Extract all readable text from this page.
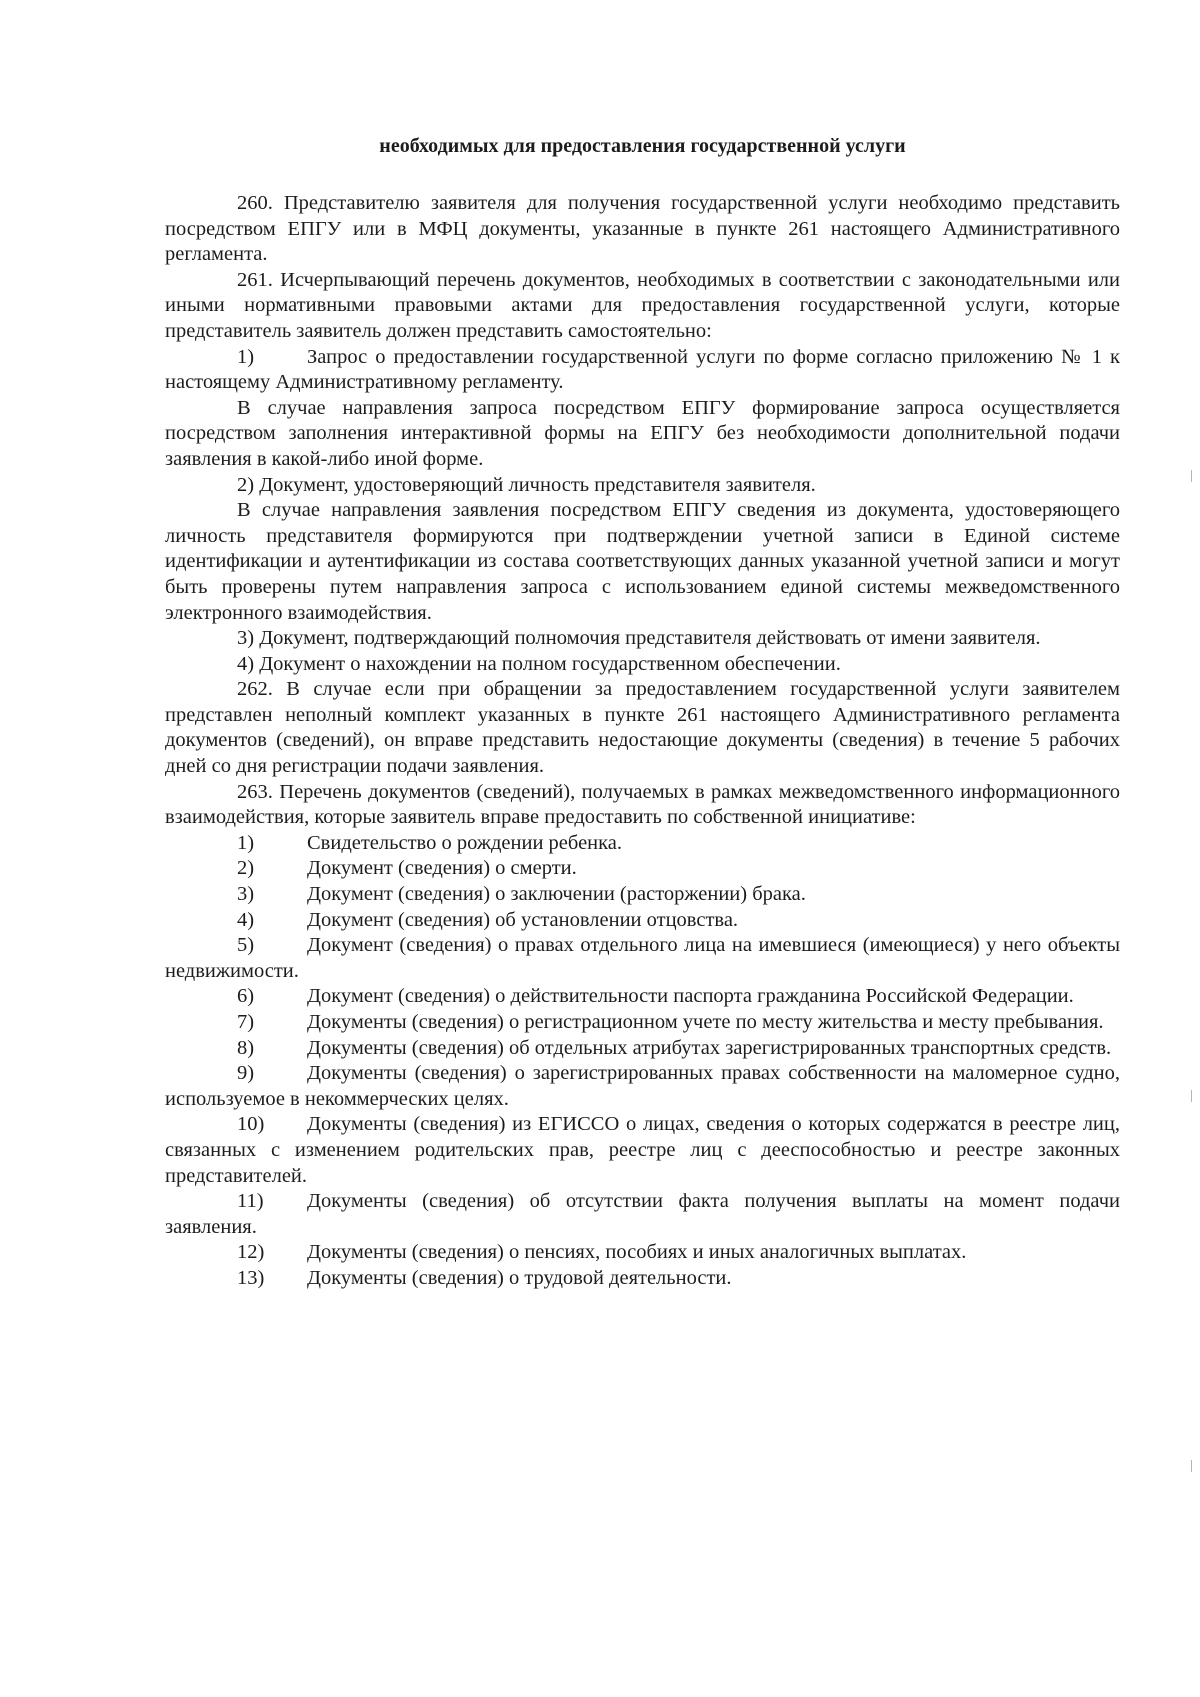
необходимых для предоставления государственной услуги

260. Представителю заявителя для получения государственной услуги необходимо представить посредством ЕПГУ или в МФЦ документы, указанные в пункте 261 настоящего Административного регламента.

261. Исчерпывающий перечень документов, необходимых в соответствии с законодательными или иными нормативными правовыми актами для предоставления государственной услуги, которые представитель заявитель должен представить самостоятельно:

1)	Запрос о предоставлении государственной услуги по форме согласно приложению № 1 к настоящему Административному регламенту.

В случае направления запроса посредством ЕПГУ формирование запроса осуществляется посредством заполнения интерактивной формы на ЕПГУ без необходимости дополнительной подачи заявления в какой-либо иной форме.

2) Документ, удостоверяющий личность представителя заявителя.

В случае направления заявления посредством ЕПГУ сведения из документа, удостоверяющего личность представителя формируются при подтверждении учетной записи в Единой системе идентификации и аутентификации из состава соответствующих данных указанной учетной записи и могут быть проверены путем направления запроса с использованием единой системы межведомственного электронного взаимодействия.

3) Документ, подтверждающий полномочия представителя действовать от имени заявителя.

4) Документ о нахождении на полном государственном обеспечении.

262. В случае если при обращении за предоставлением государственной услуги заявителем представлен неполный комплект указанных в пункте 261 настоящего Административного регламента документов (сведений), он вправе представить недостающие документы (сведения) в течение 5 рабочих дней со дня регистрации подачи заявления.

263. Перечень документов (сведений), получаемых в рамках межведомственного информационного взаимодействия, которые заявитель вправе предоставить по собственной инициативе:

1)	Свидетельство о рождении ребенка.

2)	Документ (сведения) о смерти.

3)	Документ (сведения) о заключении (расторжении) брака.

4)	Документ (сведения) об установлении отцовства.

5)	Документ (сведения) о правах отдельного лица на имевшиеся (имеющиеся) у него объекты недвижимости.

6)	Документ (сведения) о действительности паспорта гражданина Российской Федерации.

7)	Документы (сведения) о регистрационном учете по месту жительства и месту пребывания.

8)	Документы (сведения) об отдельных атрибутах зарегистрированных транспортных средств.

9)	Документы (сведения) о зарегистрированных правах собственности на маломерное судно, используемое в некоммерческих целях.

10) Документы (сведения) из ЕГИССО о лицах, сведения о которых содержатся в реестре лиц, связанных с изменением родительских прав, реестре лиц с дееспособностью и реестре законных представителей.

11) Документы (сведения) об отсутствии факта получения выплаты на момент подачи заявления.

12) Документы (сведения) о пенсиях, пособиях и иных аналогичных выплатах.

13) Документы (сведения) о трудовой деятельности.
